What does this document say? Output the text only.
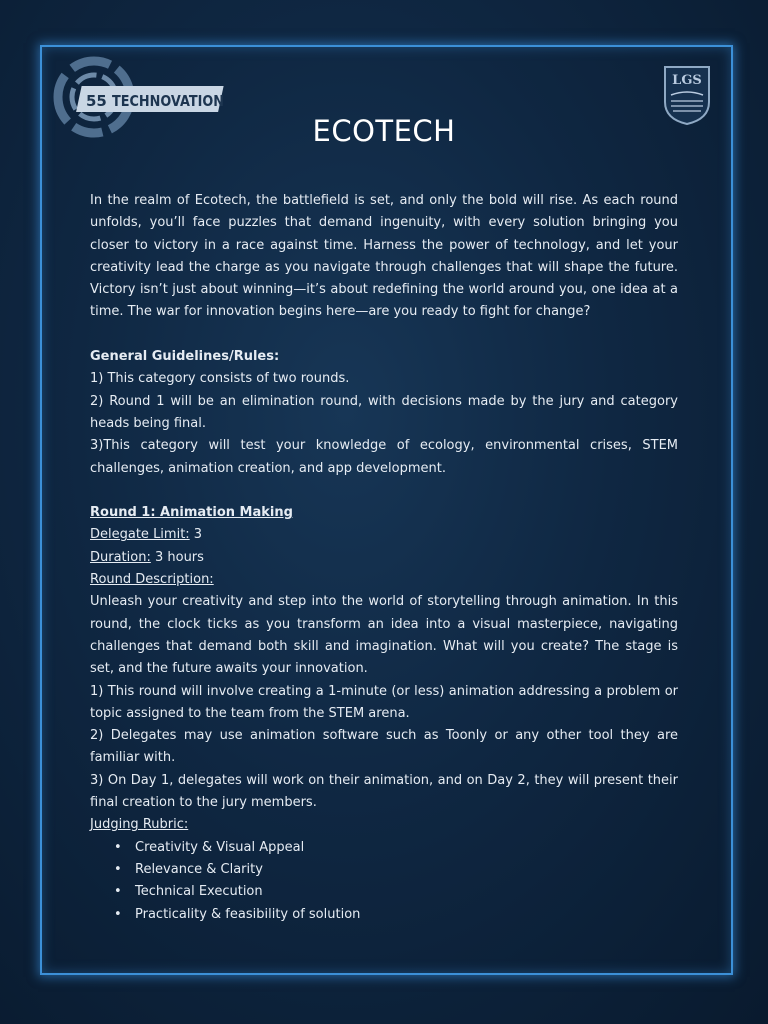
55 TECHNOVATION
LGS
ECOTECH

In the realm of Ecotech, the battlefield is set, and only the bold will rise. As each round unfolds, you’ll face puzzles that demand ingenuity, with every solution bringing you closer to victory in a race against time. Harness the power of technology, and let your creativity lead the charge as you navigate through challenges that will shape the future. Victory isn’t just about winning—it’s about redefining the world around you, one idea at a time. The war for innovation begins here—are you ready to fight for change?

General Guidelines/Rules:

1) This category consists of two rounds.

2) Round 1 will be an elimination round, with decisions made by the jury and category heads being final.

3)This category will test your knowledge of ecology, environmental crises, STEM challenges, animation creation, and app development.

Round 1: Animation Making

Delegate Limit: 3

Duration: 3 hours

Round Description:

Unleash your creativity and step into the world of storytelling through animation. In this round, the clock ticks as you transform an idea into a visual masterpiece, navigating challenges that demand both skill and imagination. What will you create? The stage is set, and the future awaits your innovation.

1) This round will involve creating a 1-minute (or less) animation addressing a problem or topic assigned to the team from the STEM arena.

2) Delegates may use animation software such as Toonly or any other tool they are familiar with.

3) On Day 1, delegates will work on their animation, and on Day 2, they will present their final creation to the jury members.

Judging Rubric:

• Creativity & Visual Appeal
• Relevance & Clarity
• Technical Execution
• Practicality & feasibility of solution
